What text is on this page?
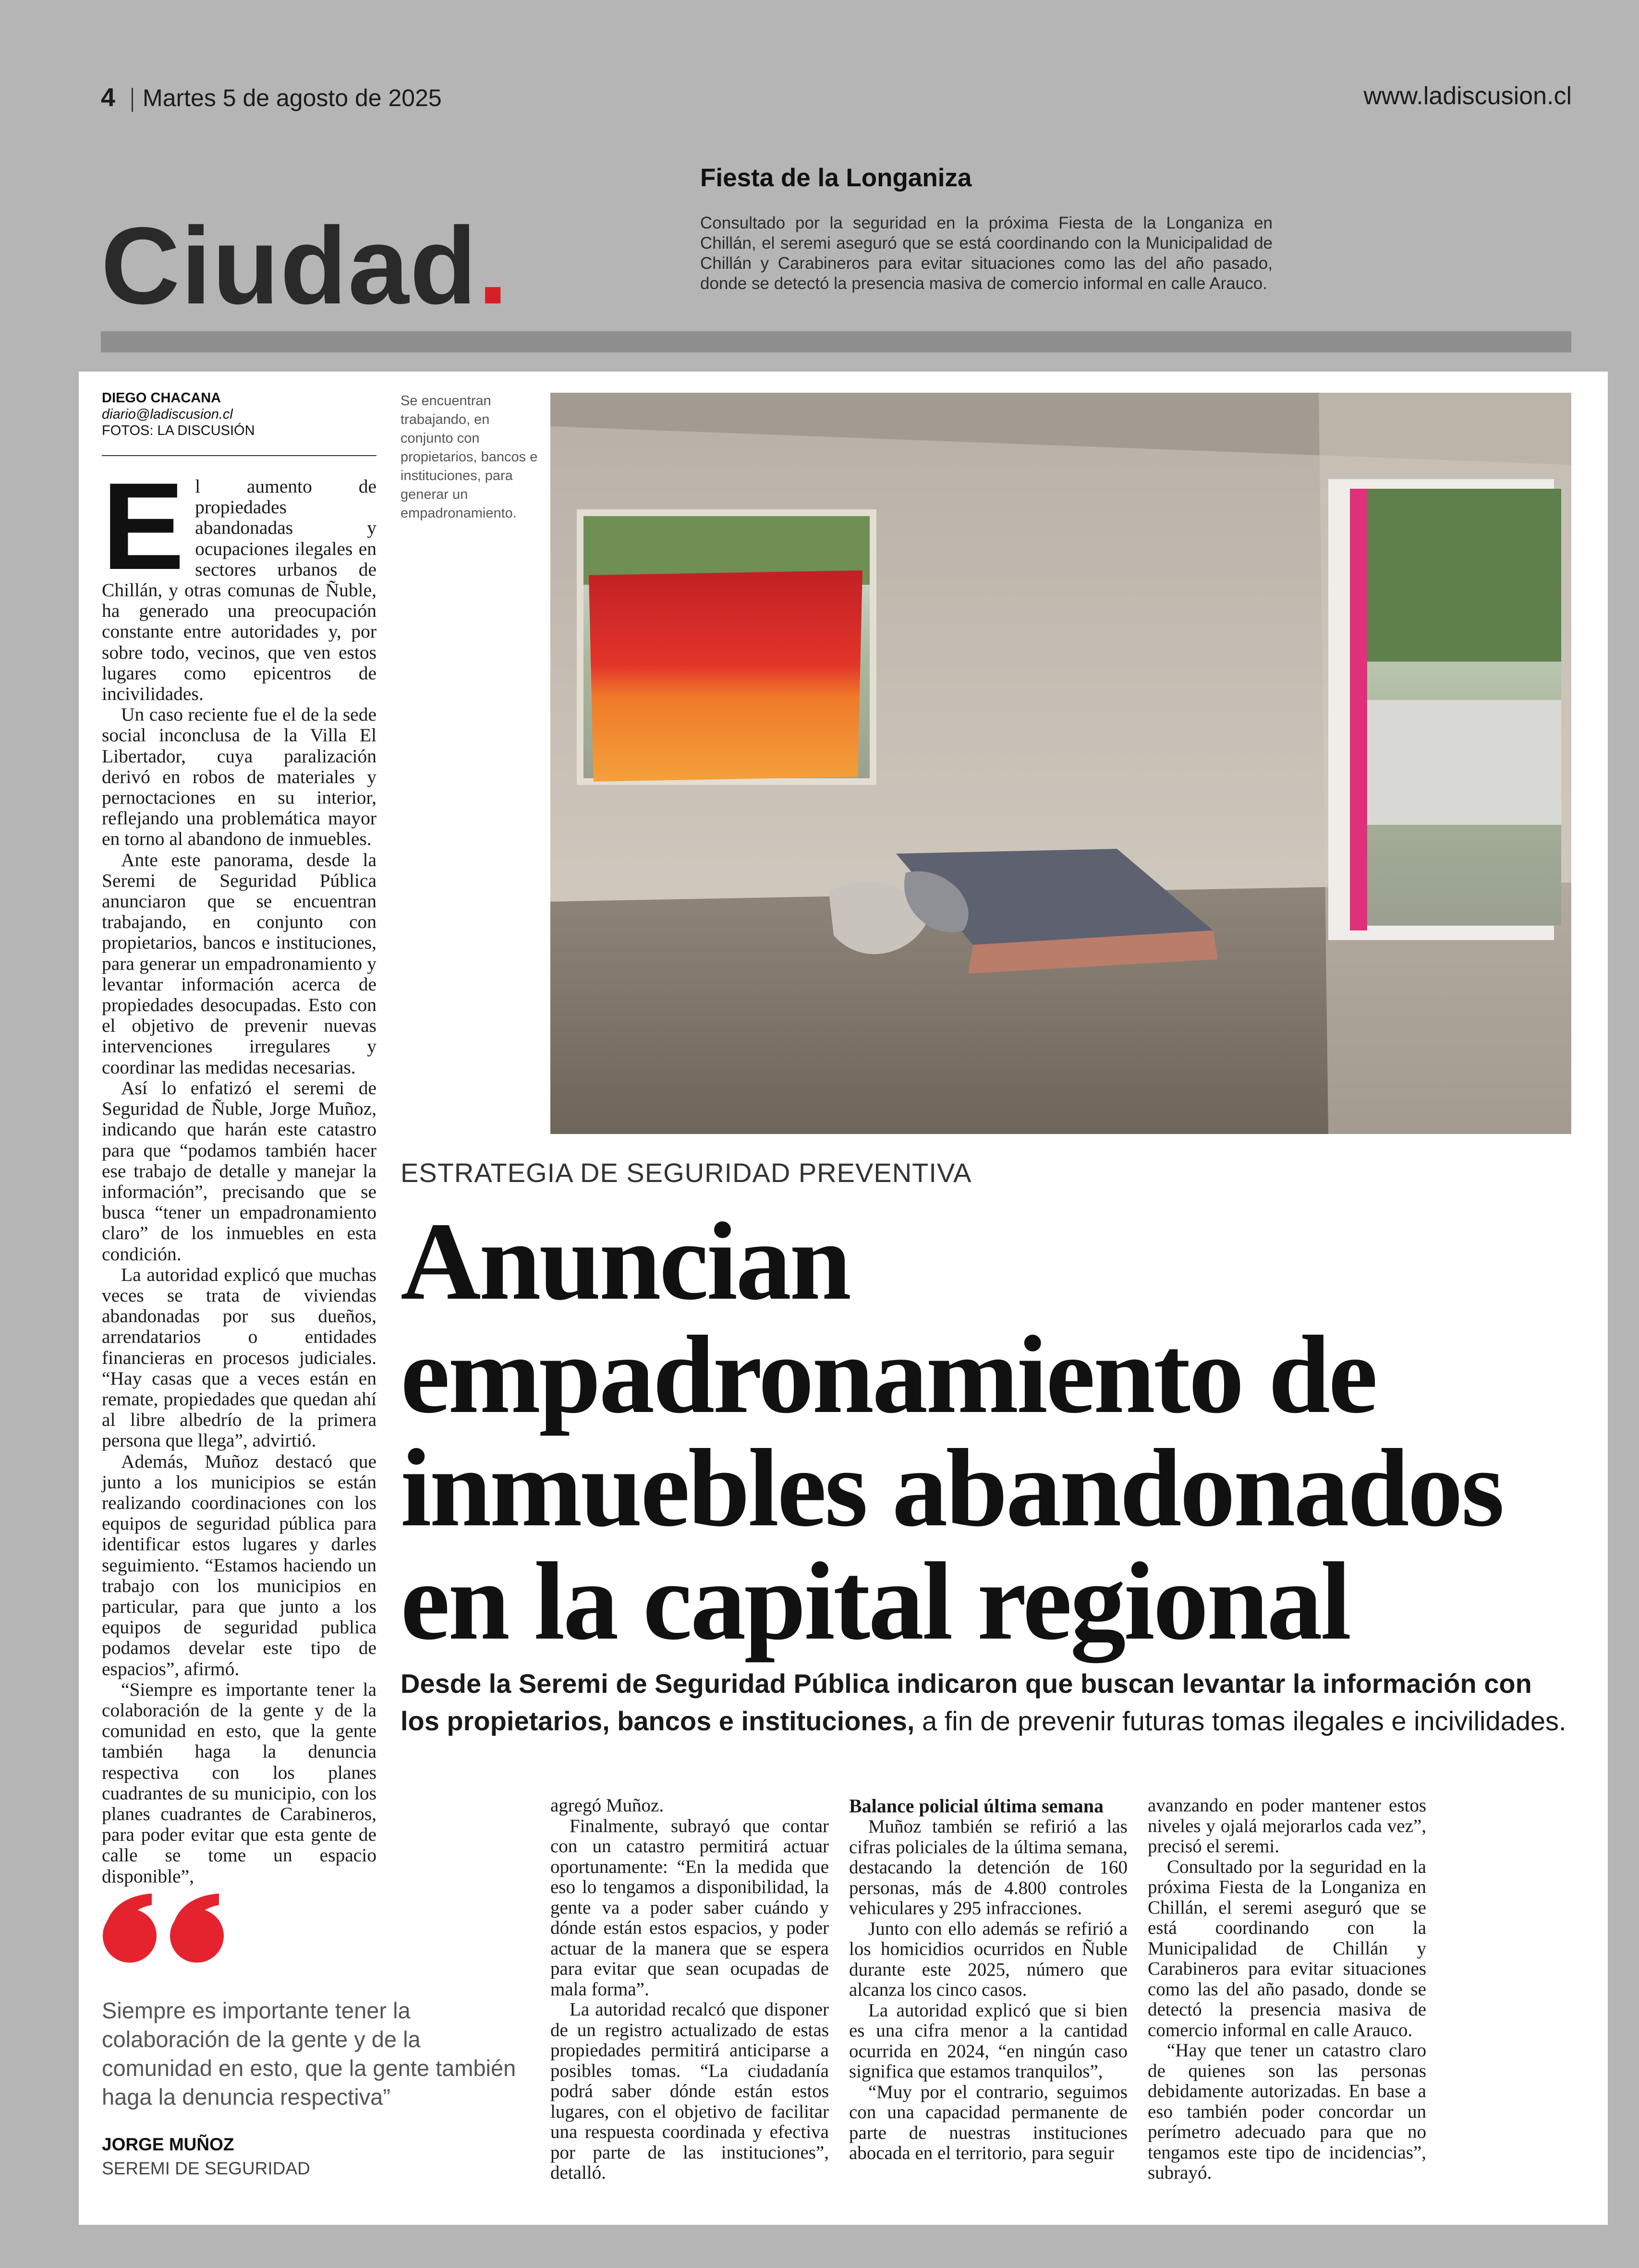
4 Martes 5 de agosto de 2025	www.ladiscusion.cl
Ciudad.
Fiesta de la Longaniza
Consultado por la seguridad en la próxima Fiesta de la Longaniza en Chillán, el seremi aseguró que se está coordinando con la Municipalidad de Chillán y Carabineros para evitar situaciones como las del año pasado, donde se detectó la presencia masiva de comercio informal en calle Arauco.
DIEGO CHACANA
diario@ladiscusion.cl
FOTOS: LA DISCUSIÓN

El aumento de propiedades abandonadas y ocupaciones ilegales en sectores urbanos de Chillán, y otras comunas de Ñuble, ha generado una preocupación constante entre autoridades y, por sobre todo, vecinos, que ven estos lugares como epicentros de incivilidades.

Un caso reciente fue el de la sede social inconclusa de la Villa El Libertador, cuya paralización derivó en robos de materiales y pernoctaciones en su interior, reflejando una problemática mayor en torno al abandono de inmuebles.

Ante este panorama, desde la Seremi de Seguridad Pública anunciaron que se encuentran trabajando, en conjunto con propietarios, bancos e instituciones, para generar un empadronamiento y levantar información acerca de propiedades desocupadas. Esto con el objetivo de prevenir nuevas intervenciones irregulares y coordinar las medidas necesarias.

Así lo enfatizó el seremi de Seguridad de Ñuble, Jorge Muñoz, indicando que harán este catastro para que “podamos también hacer ese trabajo de detalle y manejar la información”, precisando que se busca “tener un empadronamiento claro” de los inmuebles en esta condición.

La autoridad explicó que muchas veces se trata de viviendas abandonadas por sus dueños, arrendatarios o entidades financieras en procesos judiciales. “Hay casas que a veces están en remate, propiedades que quedan ahí al libre albedrío de la primera persona que llega”, advirtió.

Además, Muñoz destacó que junto a los municipios se están realizando coordinaciones con los equipos de seguridad pública para identificar estos lugares y darles seguimiento. “Estamos haciendo un trabajo con los municipios en particular, para que junto a los equipos de seguridad publica podamos develar este tipo de espacios”, afirmó.

“Siempre es importante tener la colaboración de la gente y de la comunidad en esto, que la gente también haga la denuncia respectiva con los planes cuadrantes de su municipio, con los planes cuadrantes de Carabineros, para poder evitar que esta gente de calle se tome un espacio disponible”,

Se encuentran trabajando, en conjunto con propietarios, bancos e instituciones, para generar un empadronamiento.
ESTRATEGIA DE SEGURIDAD PREVENTIVA
Anuncian empadronamiento de inmuebles abandonados en la capital regional
Desde la Seremi de Seguridad Pública indicaron que buscan levantar la información con los propietarios, bancos e instituciones, a fin de prevenir futuras tomas ilegales e incivilidades.

agregó Muñoz.

Finalmente, subrayó que contar con un catastro permitirá actuar oportunamente: “En la medida que eso lo tengamos a disponibilidad, la gente va a poder saber cuándo y dónde están estos espacios, y poder actuar de la manera que se espera para evitar que sean ocupadas de mala forma”.

La autoridad recalcó que disponer de un registro actualizado de estas propiedades permitirá anticiparse a posibles tomas. “La ciudadanía podrá saber dónde están estos lugares, con el objetivo de facilitar una respuesta coordinada y efectiva por parte de las instituciones”, detalló.

Balance policial última semana

Muñoz también se refirió a las cifras policiales de la última semana, destacando la detención de 160 personas, más de 4.800 controles vehiculares y 295 infracciones.

Junto con ello además se refirió a los homicidios ocurridos en Ñuble durante este 2025, número que alcanza los cinco casos.

La autoridad explicó que si bien es una cifra menor a la cantidad ocurrida en 2024, “en ningún caso significa que estamos tranquilos”,

“Muy por el contrario, seguimos con una capacidad permanente de parte de nuestras instituciones abocada en el territorio, para seguir

avanzando en poder mantener estos niveles y ojalá mejorarlos cada vez”, precisó el seremi.

Consultado por la seguridad en la próxima Fiesta de la Longaniza en Chillán, el seremi aseguró que se está coordinando con la Municipalidad de Chillán y Carabineros para evitar situaciones como las del año pasado, donde se detectó la presencia masiva de comercio informal en calle Arauco.

“Hay que tener un catastro claro de quienes son las personas debidamente autorizadas. En base a eso también poder concordar un perímetro adecuado para que no tengamos este tipo de incidencias”, subrayó.

Siempre es importante tener la colaboración de la gente y de la comunidad en esto, que la gente también haga la denuncia respectiva”
JORGE MUÑOZ
SEREMI DE SEGURIDAD
